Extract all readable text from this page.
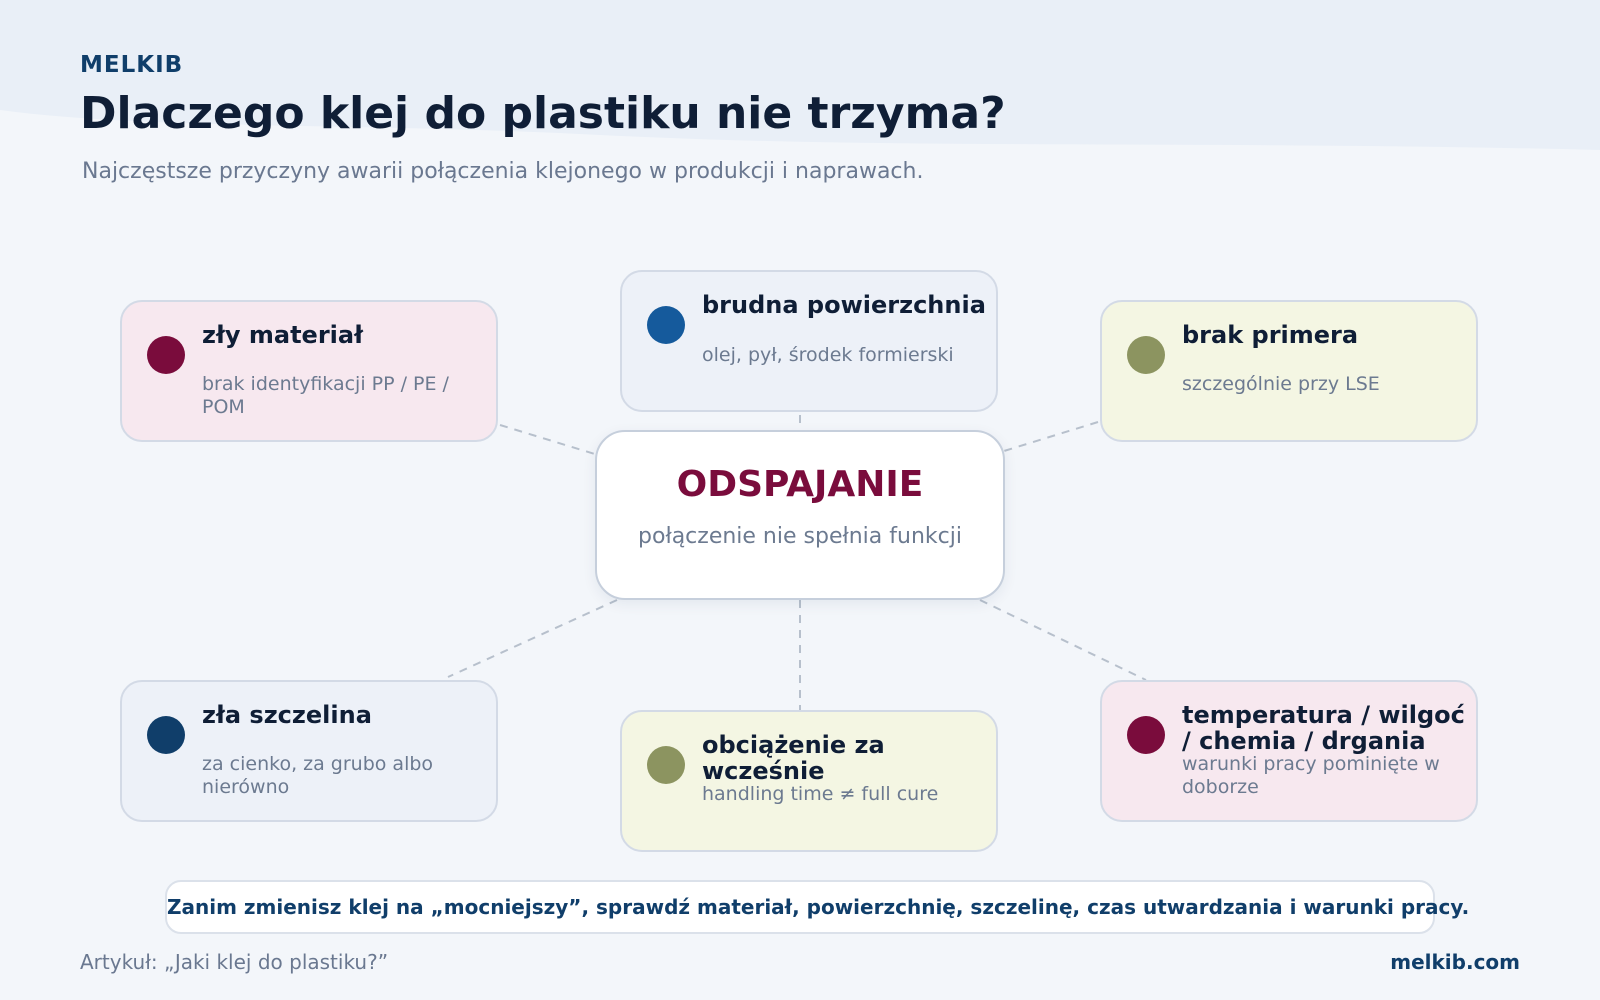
MELKIB
Dlaczego klej do plastiku nie trzyma?
Najczęstsze przyczyny awarii połączenia klejonego w produkcji i naprawach.
zły materiał
brak identyfikacji PP / PE / POM
brudna powierzchnia
olej, pył, środek formierski
brak primera
szczególnie przy LSE
ODSPAJANIE
połączenie nie spełnia funkcji
zła szczelina
za cienko, za grubo albo nierówno
obciążenie za wcześnie
handling time ≠ full cure
temperatura / wilgoć / chemia / drgania
warunki pracy pominięte w doborze
Zanim zmienisz klej na „mocniejszy”, sprawdź materiał, powierzchnię, szczelinę, czas utwardzania i warunki pracy.
Artykuł: „Jaki klej do plastiku?”	melkib.com
